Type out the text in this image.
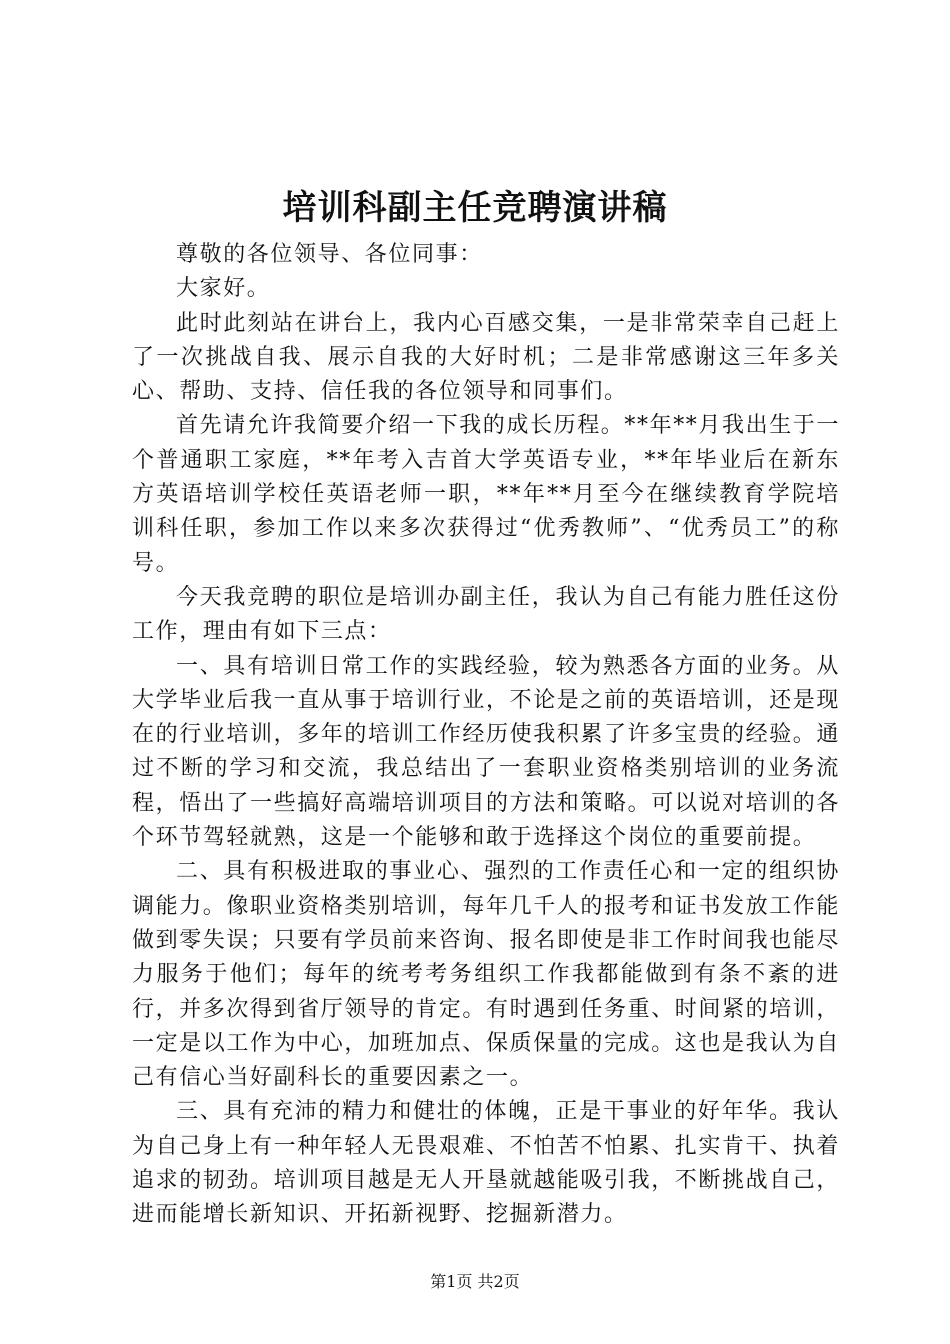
培训科副主任竞聘演讲稿

尊敬的各位领导、各位同事：

大家好。

此时此刻站在讲台上，我内心百感交集，一是非常荣幸自己赶上了一次挑战自我、展示自我的大好时机；二是非常感谢这三年多关心、帮助、支持、信任我的各位领导和同事们。

首先请允许我简要介绍一下我的成长历程。**年**月我出生于一个普通职工家庭，**年考入吉首大学英语专业，**年毕业后在新东方英语培训学校任英语老师一职，**年**月至今在继续教育学院培训科任职，参加工作以来多次获得过“优秀教师”、“优秀员工”的称号。

今天我竞聘的职位是培训办副主任，我认为自己有能力胜任这份工作，理由有如下三点：

一、具有培训日常工作的实践经验，较为熟悉各方面的业务。从大学毕业后我一直从事于培训行业，不论是之前的英语培训，还是现在的行业培训，多年的培训工作经历使我积累了许多宝贵的经验。通过不断的学习和交流，我总结出了一套职业资格类别培训的业务流程，悟出了一些搞好高端培训项目的方法和策略。可以说对培训的各个环节驾轻就熟，这是一个能够和敢于选择这个岗位的重要前提。

二、具有积极进取的事业心、强烈的工作责任心和一定的组织协调能力。像职业资格类别培训，每年几千人的报考和证书发放工作能做到零失误；只要有学员前来咨询、报名即使是非工作时间我也能尽力服务于他们；每年的统考考务组织工作我都能做到有条不紊的进行，并多次得到省厅领导的肯定。有时遇到任务重、时间紧的培训，一定是以工作为中心，加班加点、保质保量的完成。这也是我认为自己有信心当好副科长的重要因素之一。

三、具有充沛的精力和健壮的体魄，正是干事业的好年华。我认为自己身上有一种年轻人无畏艰难、不怕苦不怕累、扎实肯干、执着追求的韧劲。培训项目越是无人开垦就越能吸引我，不断挑战自己，进而能增长新知识、开拓新视野、挖掘新潜力。

第1页 共2页
